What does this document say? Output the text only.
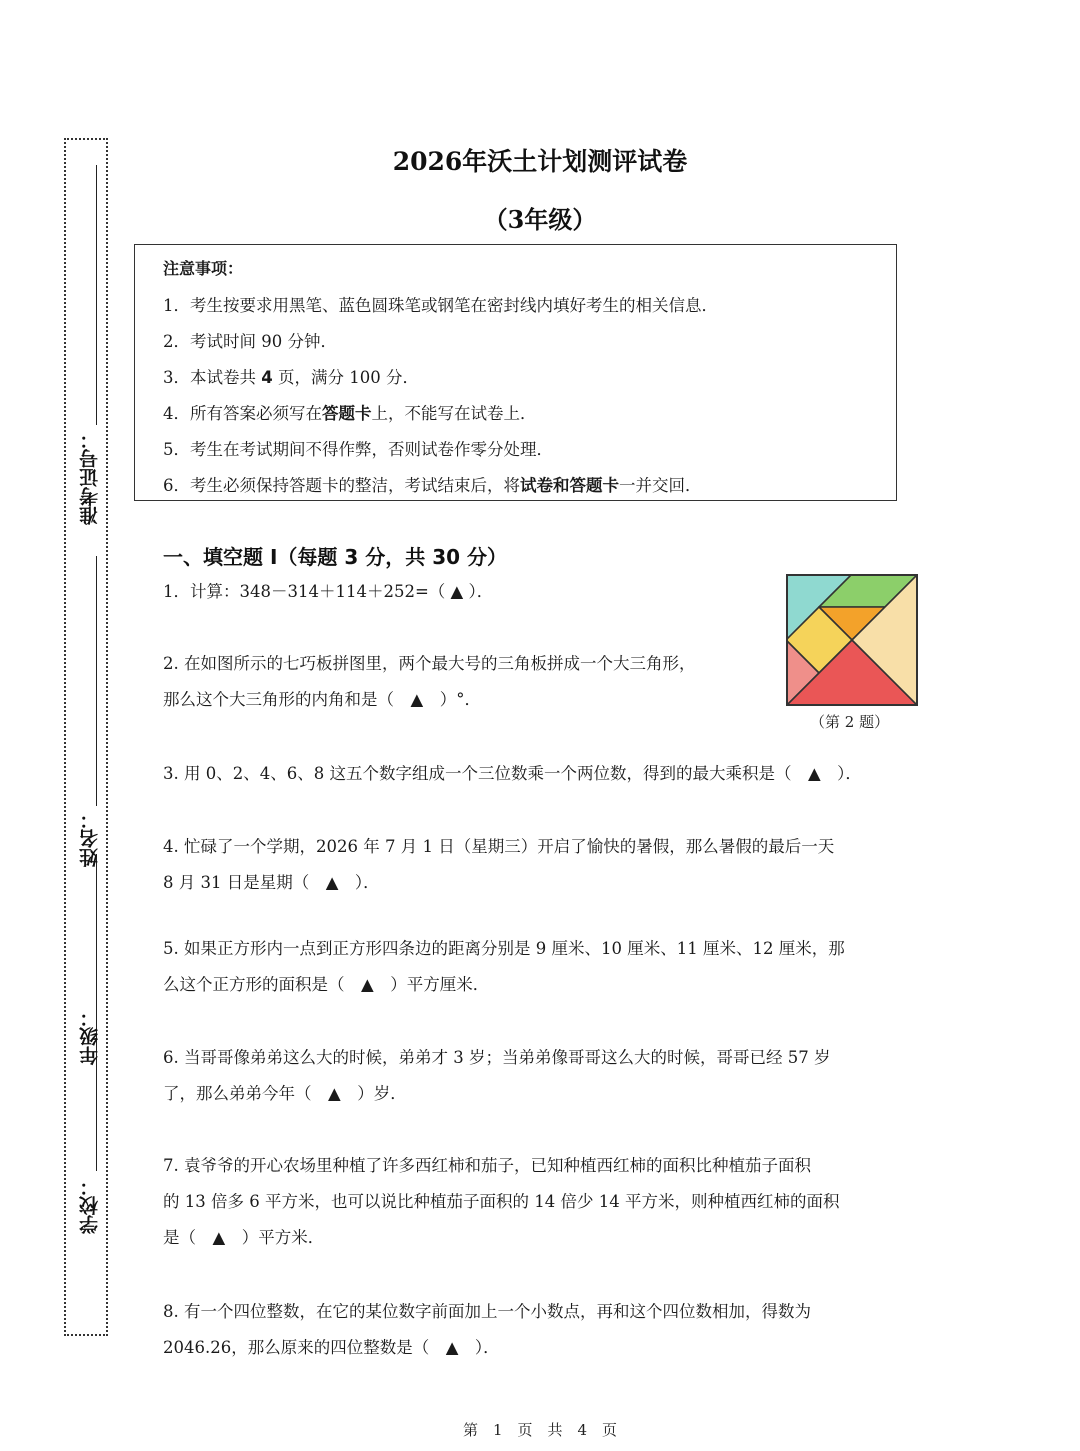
学校：
年级：
姓名：
准考证号：
2026年沃土计划测评试卷
（3年级）
注意事项：
1．考生按要求用黑笔、蓝色圆珠笔或钢笔在密封线内填好考生的相关信息．
2．考试时间 90 分钟．
3．本试卷共 4 页，满分 100 分．
4．所有答案必须写在答题卡上，不能写在试卷上．
5．考生在考试期间不得作弊，否则试卷作零分处理．
6．考生必须保持答题卡的整洁，考试结束后，将试卷和答题卡一并交回．
一、填空题 I（每题 3 分，共 30 分）
1．计算：348－314＋114＋252=（ ▲ ）．
2. 在如图所示的七巧板拼图里，两个最大号的三角板拼成一个大三角形，
那么这个大三角形的内角和是（　▲　）°．
3. 用 0、2、4、6、8 这五个数字组成一个三位数乘一个两位数，得到的最大乘积是（　▲　）．
4. 忙碌了一个学期，2026 年 7 月 1 日（星期三）开启了愉快的暑假，那么暑假的最后一天
8 月 31 日是星期（　▲　）．
5. 如果正方形内一点到正方形四条边的距离分别是 9 厘米、10 厘米、11 厘米、12 厘米，那
么这个正方形的面积是（　▲　）平方厘米．
6. 当哥哥像弟弟这么大的时候，弟弟才 3 岁；当弟弟像哥哥这么大的时候，哥哥已经 57 岁
了，那么弟弟今年（　▲　）岁．
7. 袁爷爷的开心农场里种植了许多西红柿和茄子，已知种植西红柿的面积比种植茄子面积
的 13 倍多 6 平方米，也可以说比种植茄子面积的 14 倍少 14 平方米，则种植西红柿的面积
是（　▲　）平方米．
8. 有一个四位整数，在它的某位数字前面加上一个小数点，再和这个四位数相加，得数为
2046.26，那么原来的四位整数是（　▲　）．
（第 2 题）
第　1　页　共　4　页
